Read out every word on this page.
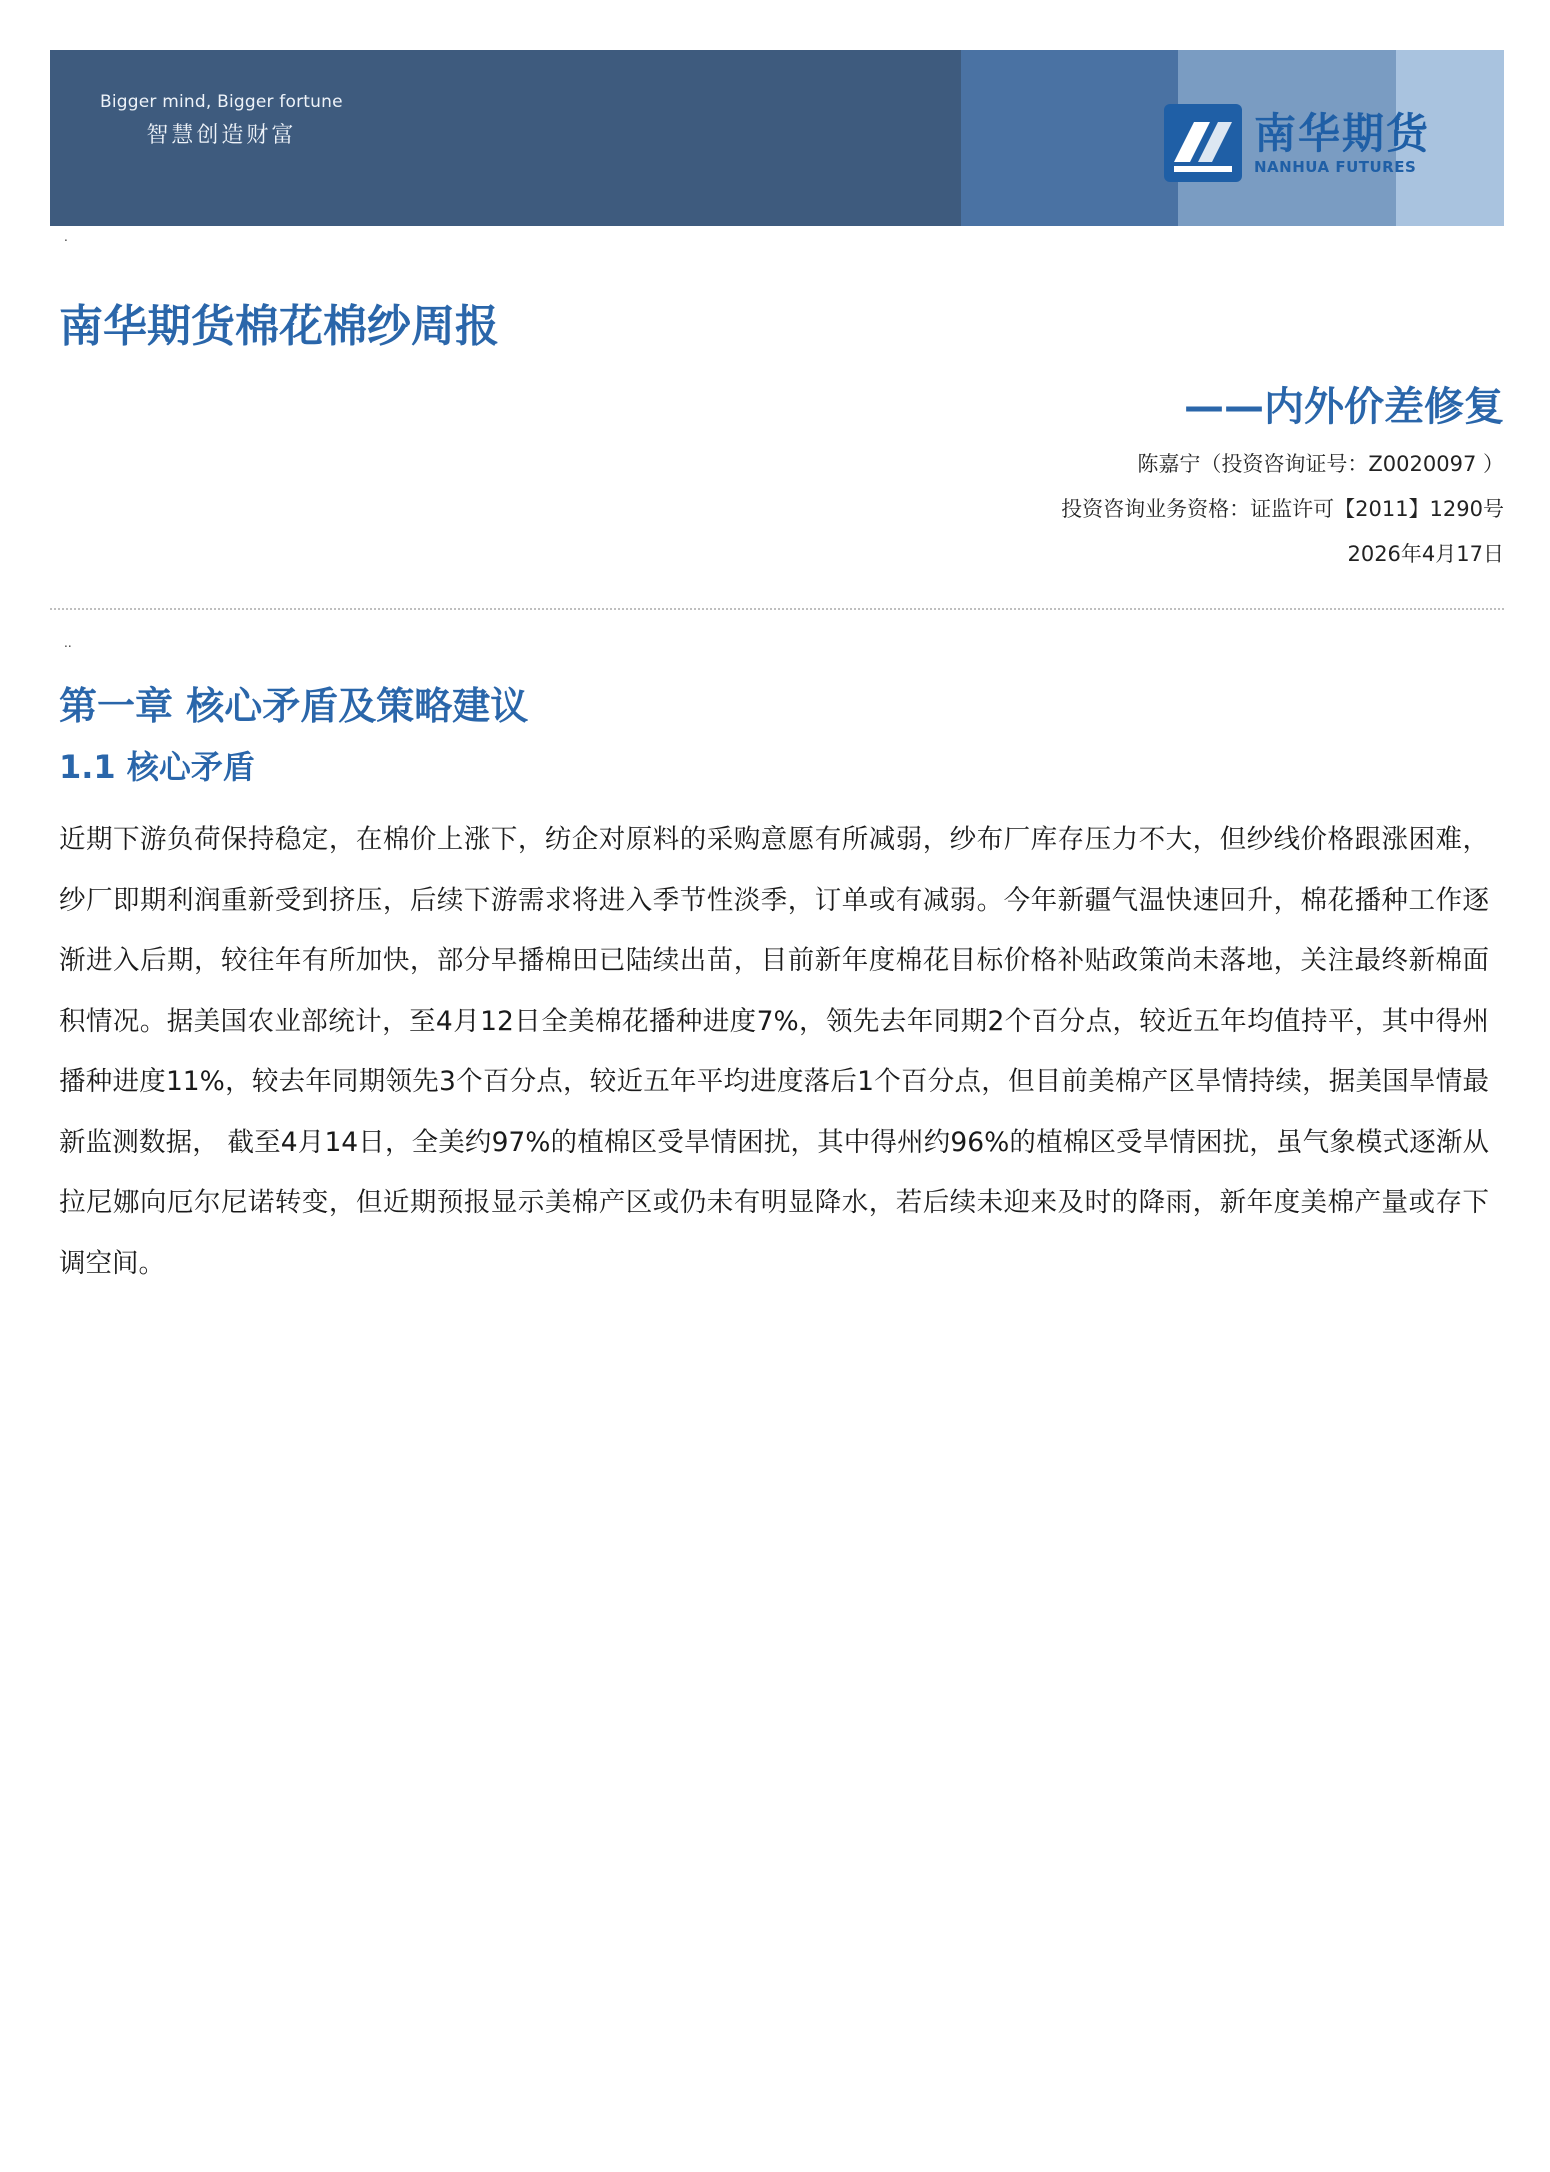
Bigger mind, Bigger fortune
智慧创造财富	南华期货
NANHUA FUTURES
.
南华期货棉花棉纱周报
——内外价差修复
陈嘉宁（投资咨询证号：Z0020097 ）
投资咨询业务资格：证监许可【2011】1290号
2026年4月17日
..
第一章 核心矛盾及策略建议
1.1 核心矛盾

近期下游负荷保持稳定，在棉价上涨下，纺企对原料的采购意愿有所减弱，纱布厂库存压力不大，但纱线价格跟涨困难，纱厂即期利润重新受到挤压，后续下游需求将进入季节性淡季，订单或有减弱。今年新疆气温快速回升，棉花播种工作逐渐进入后期，较往年有所加快，部分早播棉田已陆续出苗，目前新年度棉花目标价格补贴政策尚未落地，关注最终新棉面积情况。据美国农业部统计，至4月12日全美棉花播种进度7%，领先去年同期2个百分点，较近五年均值持平，其中得州播种进度11%，较去年同期领先3个百分点，较近五年平均进度落后1个百分点，但目前美棉产区旱情持续，据美国旱情最新监测数据， 截至4月14日，全美约97%的植棉区受旱情困扰，其中得州约96%的植棉区受旱情困扰，虽气象模式逐渐从拉尼娜向厄尔尼诺转变，但近期预报显示美棉产区或仍未有明显降水，若后续未迎来及时的降雨，新年度美棉产量或存下调空间。
